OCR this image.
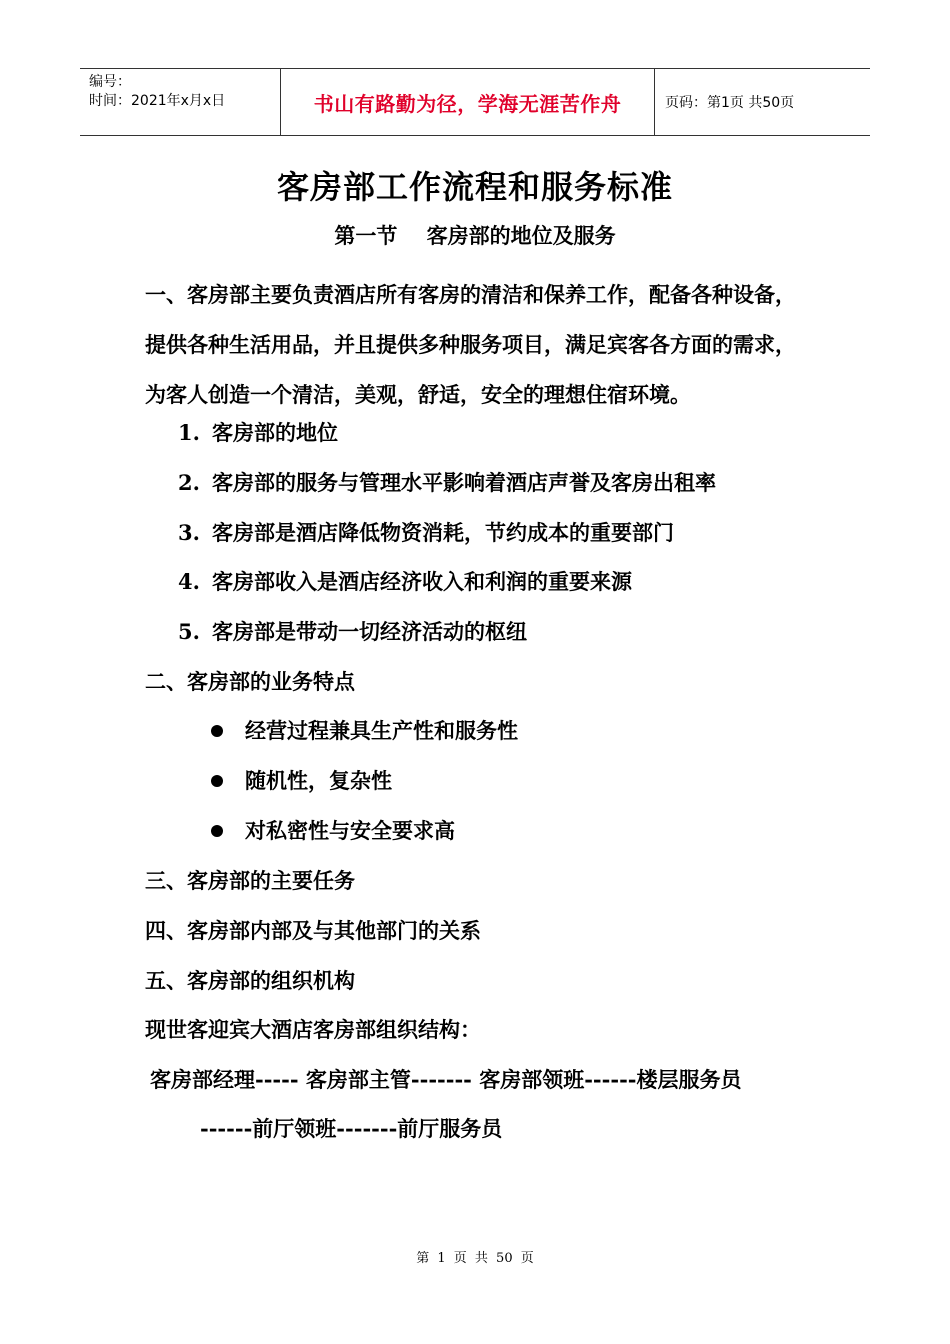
编号：
时间：2021年x月x日	书山有路勤为径，学海无涯苦作舟	页码：第1页 共50页
客房部工作流程和服务标准
第一节    客房部的地位及服务
一、客房部主要负责酒店所有客房的清洁和保养工作，配备各种设备，提供各种生活用品，并且提供多种服务项目，满足宾客各方面的需求，为客人创造一个清洁，美观，舒适，安全的理想住宿环境。
1. 客房部的地位
2. 客房部的服务与管理水平影响着酒店声誉及客房出租率
3. 客房部是酒店降低物资消耗，节约成本的重要部门
4. 客房部收入是酒店经济收入和利润的重要来源
5. 客房部是带动一切经济活动的枢纽
二、客房部的业务特点
经营过程兼具生产性和服务性
随机性，复杂性
对私密性与安全要求高
三、客房部的主要任务
四、客房部内部及与其他部门的关系
五、客房部的组织机构
现世客迎宾大酒店客房部组织结构：
客房部经理----- 客房部主管------- 客房部领班------楼层服务员
------前厅领班-------前厅服务员
第 1 页 共 50 页
